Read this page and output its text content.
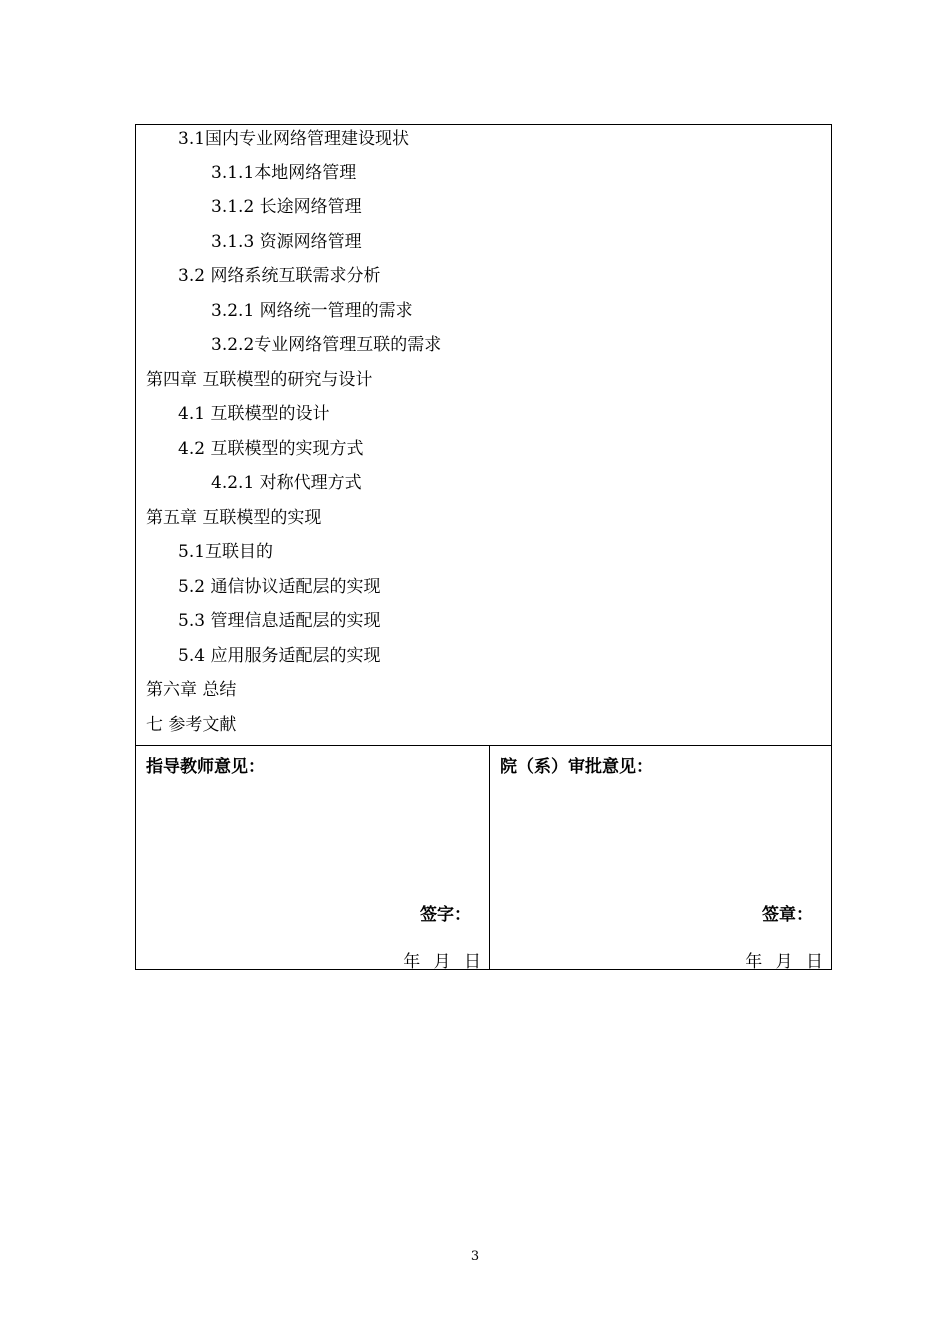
3.1国内专业网络管理建设现状
3.1.1本地网络管理
3.1.2 长途网络管理
3.1.3 资源网络管理
3.2 网络系统互联需求分析
3.2.1 网络统一管理的需求
3.2.2专业网络管理互联的需求
第四章 互联模型的研究与设计
4.1 互联模型的设计
4.2 互联模型的实现方式
4.2.1 对称代理方式
第五章 互联模型的实现
5.1互联目的
5.2 通信协议适配层的实现
5.3 管理信息适配层的实现
5.4 应用服务适配层的实现
第六章 总结
七 参考文献
指导教师意见：
签字：
年 月 日
院（系）审批意见：
签章：
年 月 日
3
